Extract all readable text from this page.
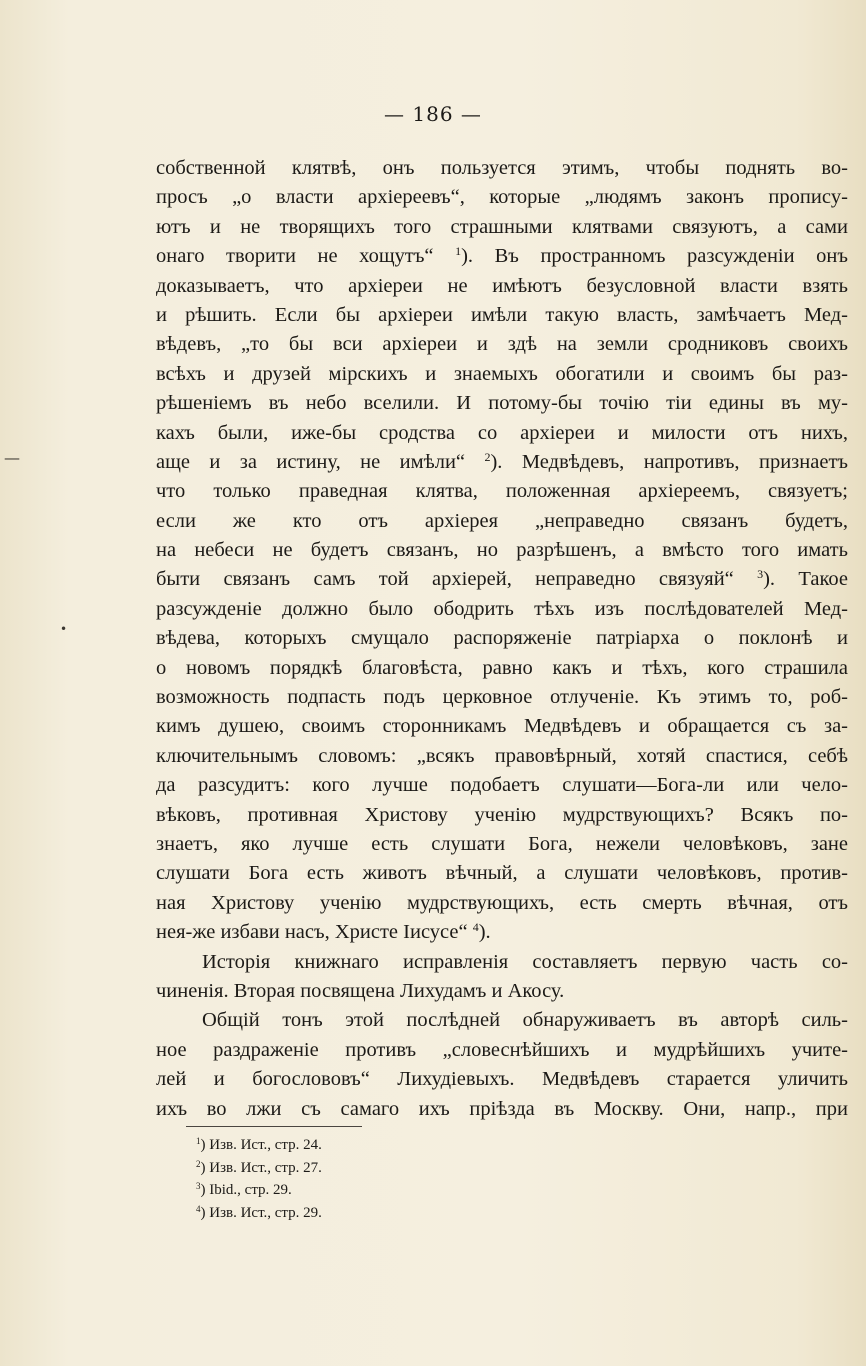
— 186 —
собственной клятвѣ, онъ пользуется этимъ, чтобы поднять во-
просъ „о власти архіереевъ“, которые „людямъ законъ прописy-
ютъ и не творящихъ того страшными клятвами связуютъ, а сами
онаго творити не хощутъ“ $^1$). Въ пространномъ разсужденіи онъ
доказываетъ, что архіереи не имѣютъ безусловной власти взять
и рѣшить. Если бы архіереи имѣли такую власть, замѣчаетъ Мед-
вѣдевъ, „то бы вси архіереи и здѣ на земли сродниковъ своихъ
всѣхъ и друзей мірскихъ и знаемыхъ обогатили и своимъ бы раз-
рѣшеніемъ въ небо вселили. И потому-бы точію тіи едины въ му-
кахъ были, иже-бы сродства со архіереи и милости отъ нихъ,
аще и за истину, не имѣли“ $^2$). Медвѣдевъ, напротивъ, признаетъ
что только праведная клятва, положенная архіереемъ, связуетъ;
если же кто отъ архіерея „неправедно связанъ будетъ,
на небеси не будетъ связанъ, но разрѣшенъ, а вмѣсто того имать
быти связанъ самъ той архіерей, неправедно связуяй“ $^3$). Такое
разсужденіе должно было ободрить тѣхъ изъ послѣдователей Мед-
вѣдева, которыхъ смущало распоряженіе патріарха о поклонѣ и
о новомъ порядкѣ благовѣста, равно какъ и тѣхъ, кого страшила
возможность подпасть подъ церковное отлученіе. Къ этимъ то, роб-
кимъ душею, своимъ сторонникамъ Медвѣдевъ и обращается съ за-
ключительнымъ словомъ: „всякъ правовѣрный, хотяй спастися, себѣ
да разсудитъ: кого лучше подобаетъ слушати—Бога-ли или чело-
вѣковъ, противная Христову ученію мудрствующихъ? Всякъ по-
знаетъ, яко лучше есть слушати Бога, нежели человѣковъ, зане
слушати Бога есть животъ вѣчный, а слушати человѣковъ, против-
ная Христову ученію мудрствующихъ, есть смерть вѣчная, отъ
нея-же избави насъ, Христе Іисусе“ $^4$).
Исторія книжнаго исправленія составляетъ первую часть со-
чиненія. Вторая посвящена Лихудамъ и Акосу.
Общій тонъ этой послѣдней обнаруживаетъ въ авторѣ силь-
ное раздраженіе противъ „словеснѣйшихъ и мудрѣйшихъ учите-
лей и богослововъ“ Лихудіевыхъ. Медвѣдевъ старается уличить
ихъ во лжи съ самаго ихъ пріѣзда въ Москву. Они, напр., при
$^1$) Изв. Ист., стр. 24.
$^2$) Изв. Ист., стр. 27.
$^3$) Ibid., стр. 29.
$^4$) Изв. Ист., стр. 29.
—
•
